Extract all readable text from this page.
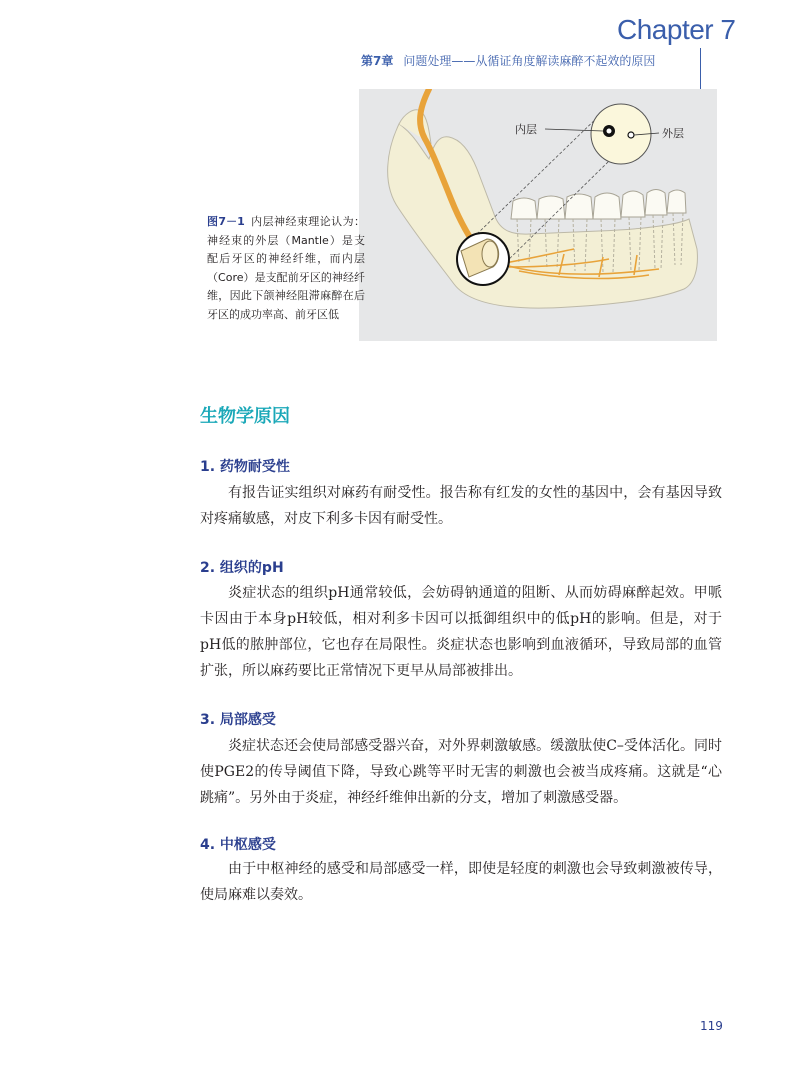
Chapter 7
第7章 问题处理——从循证角度解读麻醉不起效的原因
内层	外层
图7－1 内层神经束理论认为：神经束的外层（Mantle）是支配后牙区的神经纤维，而内层（Core）是支配前牙区的神经纤维，因此下颌神经阻滞麻醉在后牙区的成功率高、前牙区低
生物学原因
1. 药物耐受性
有报告证实组织对麻药有耐受性。报告称有红发的女性的基因中，会有基因导致对疼痛敏感，对皮下利多卡因有耐受性。
2. 组织的pH
炎症状态的组织pH通常较低，会妨碍钠通道的阻断、从而妨碍麻醉起效。甲哌卡因由于本身pH较低，相对利多卡因可以抵御组织中的低pH的影响。但是，对于pH低的脓肿部位，它也存在局限性。炎症状态也影响到血液循环，导致局部的血管扩张，所以麻药要比正常情况下更早从局部被排出。
3. 局部感受
炎症状态还会使局部感受器兴奋，对外界刺激敏感。缓激肽使C–受体活化。同时使PGE2的传导阈值下降，导致心跳等平时无害的刺激也会被当成疼痛。这就是“心跳痛”。另外由于炎症，神经纤维伸出新的分支，增加了刺激感受器。
4. 中枢感受
由于中枢神经的感受和局部感受一样，即使是轻度的刺激也会导致刺激被传导，使局麻难以奏效。
119
